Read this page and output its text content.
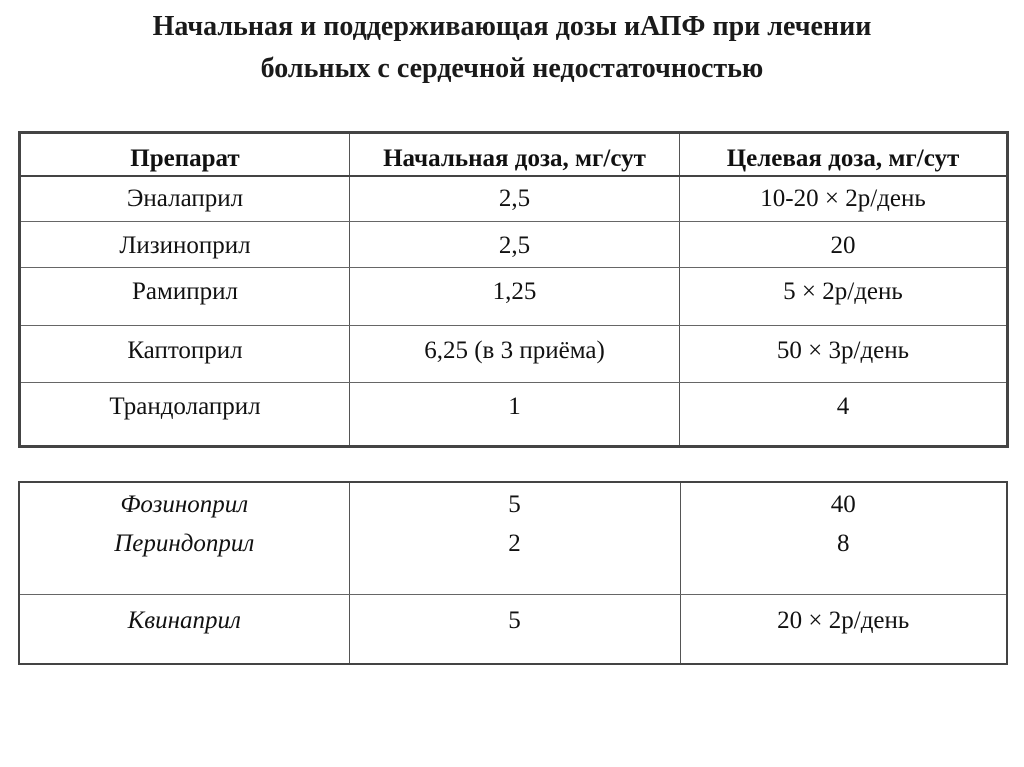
Начальная и поддерживающая дозы иАПФ при лечении
больных с сердечной недостаточностью
Препарат	Начальная доза, мг/сут	Целевая доза, мг/сут
Эналаприл	2,5	10-20 × 2р/день
Лизиноприл	2,5	20
Рамиприл	1,25	5 × 2р/день
Каптоприл	6,25 (в 3 приёма)	50 × 3р/день
Трандолаприл	1	4
Фозиноприл	5	40
Периндоприл	2	8
Квинаприл	5	20 × 2р/день
